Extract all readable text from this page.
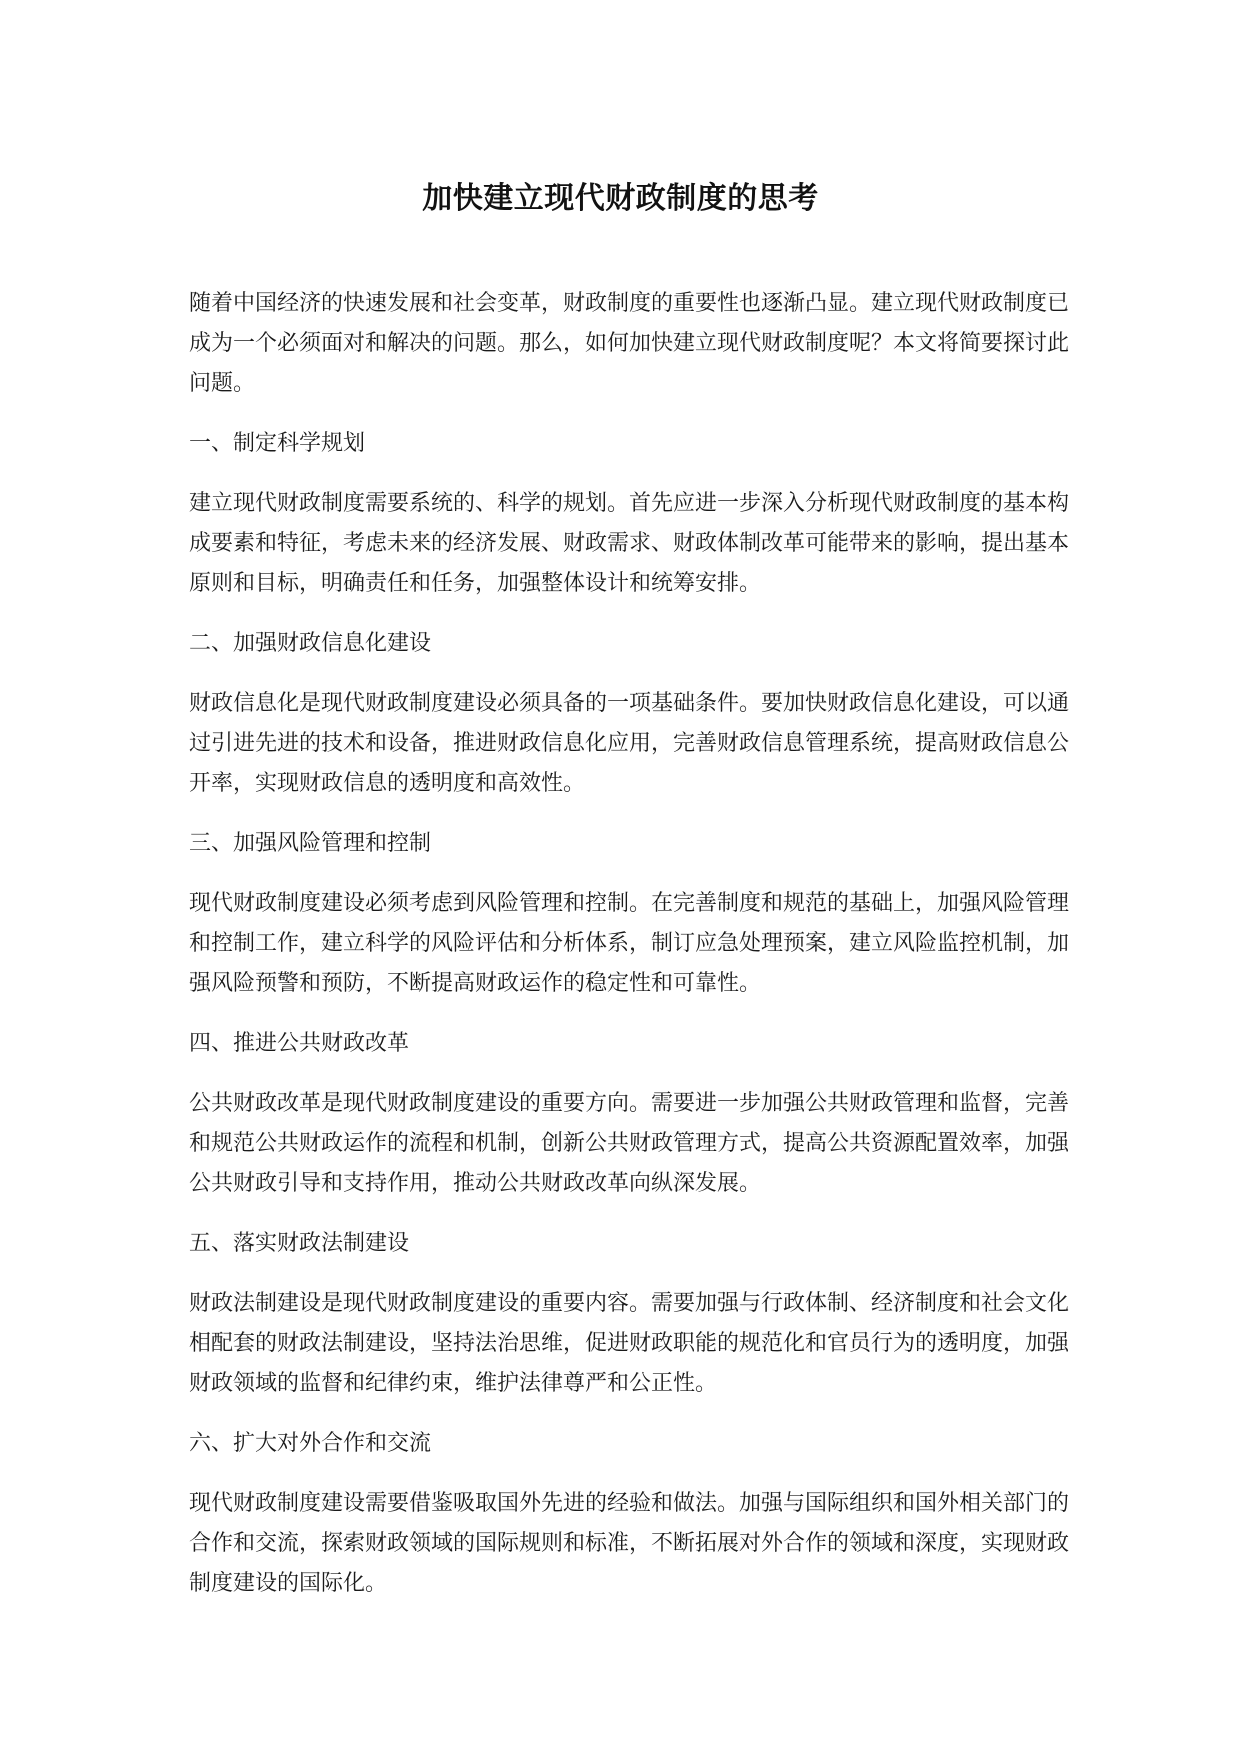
加快建立现代财政制度的思考

随着中国经济的快速发展和社会变革，财政制度的重要性也逐渐凸显。建立现代财政制度已成为一个必须面对和解决的问题。那么，如何加快建立现代财政制度呢？本文将简要探讨此问题。

一、制定科学规划

建立现代财政制度需要系统的、科学的规划。首先应进一步深入分析现代财政制度的基本构成要素和特征，考虑未来的经济发展、财政需求、财政体制改革可能带来的影响，提出基本原则和目标，明确责任和任务，加强整体设计和统筹安排。

二、加强财政信息化建设

财政信息化是现代财政制度建设必须具备的一项基础条件。要加快财政信息化建设，可以通过引进先进的技术和设备，推进财政信息化应用，完善财政信息管理系统，提高财政信息公开率，实现财政信息的透明度和高效性。

三、加强风险管理和控制

现代财政制度建设必须考虑到风险管理和控制。在完善制度和规范的基础上，加强风险管理和控制工作，建立科学的风险评估和分析体系，制订应急处理预案，建立风险监控机制，加强风险预警和预防，不断提高财政运作的稳定性和可靠性。

四、推进公共财政改革

公共财政改革是现代财政制度建设的重要方向。需要进一步加强公共财政管理和监督，完善和规范公共财政运作的流程和机制，创新公共财政管理方式，提高公共资源配置效率，加强公共财政引导和支持作用，推动公共财政改革向纵深发展。

五、落实财政法制建设

财政法制建设是现代财政制度建设的重要内容。需要加强与行政体制、经济制度和社会文化相配套的财政法制建设，坚持法治思维，促进财政职能的规范化和官员行为的透明度，加强财政领域的监督和纪律约束，维护法律尊严和公正性。

六、扩大对外合作和交流

现代财政制度建设需要借鉴吸取国外先进的经验和做法。加强与国际组织和国外相关部门的合作和交流，探索财政领域的国际规则和标准，不断拓展对外合作的领域和深度，实现财政制度建设的国际化。
